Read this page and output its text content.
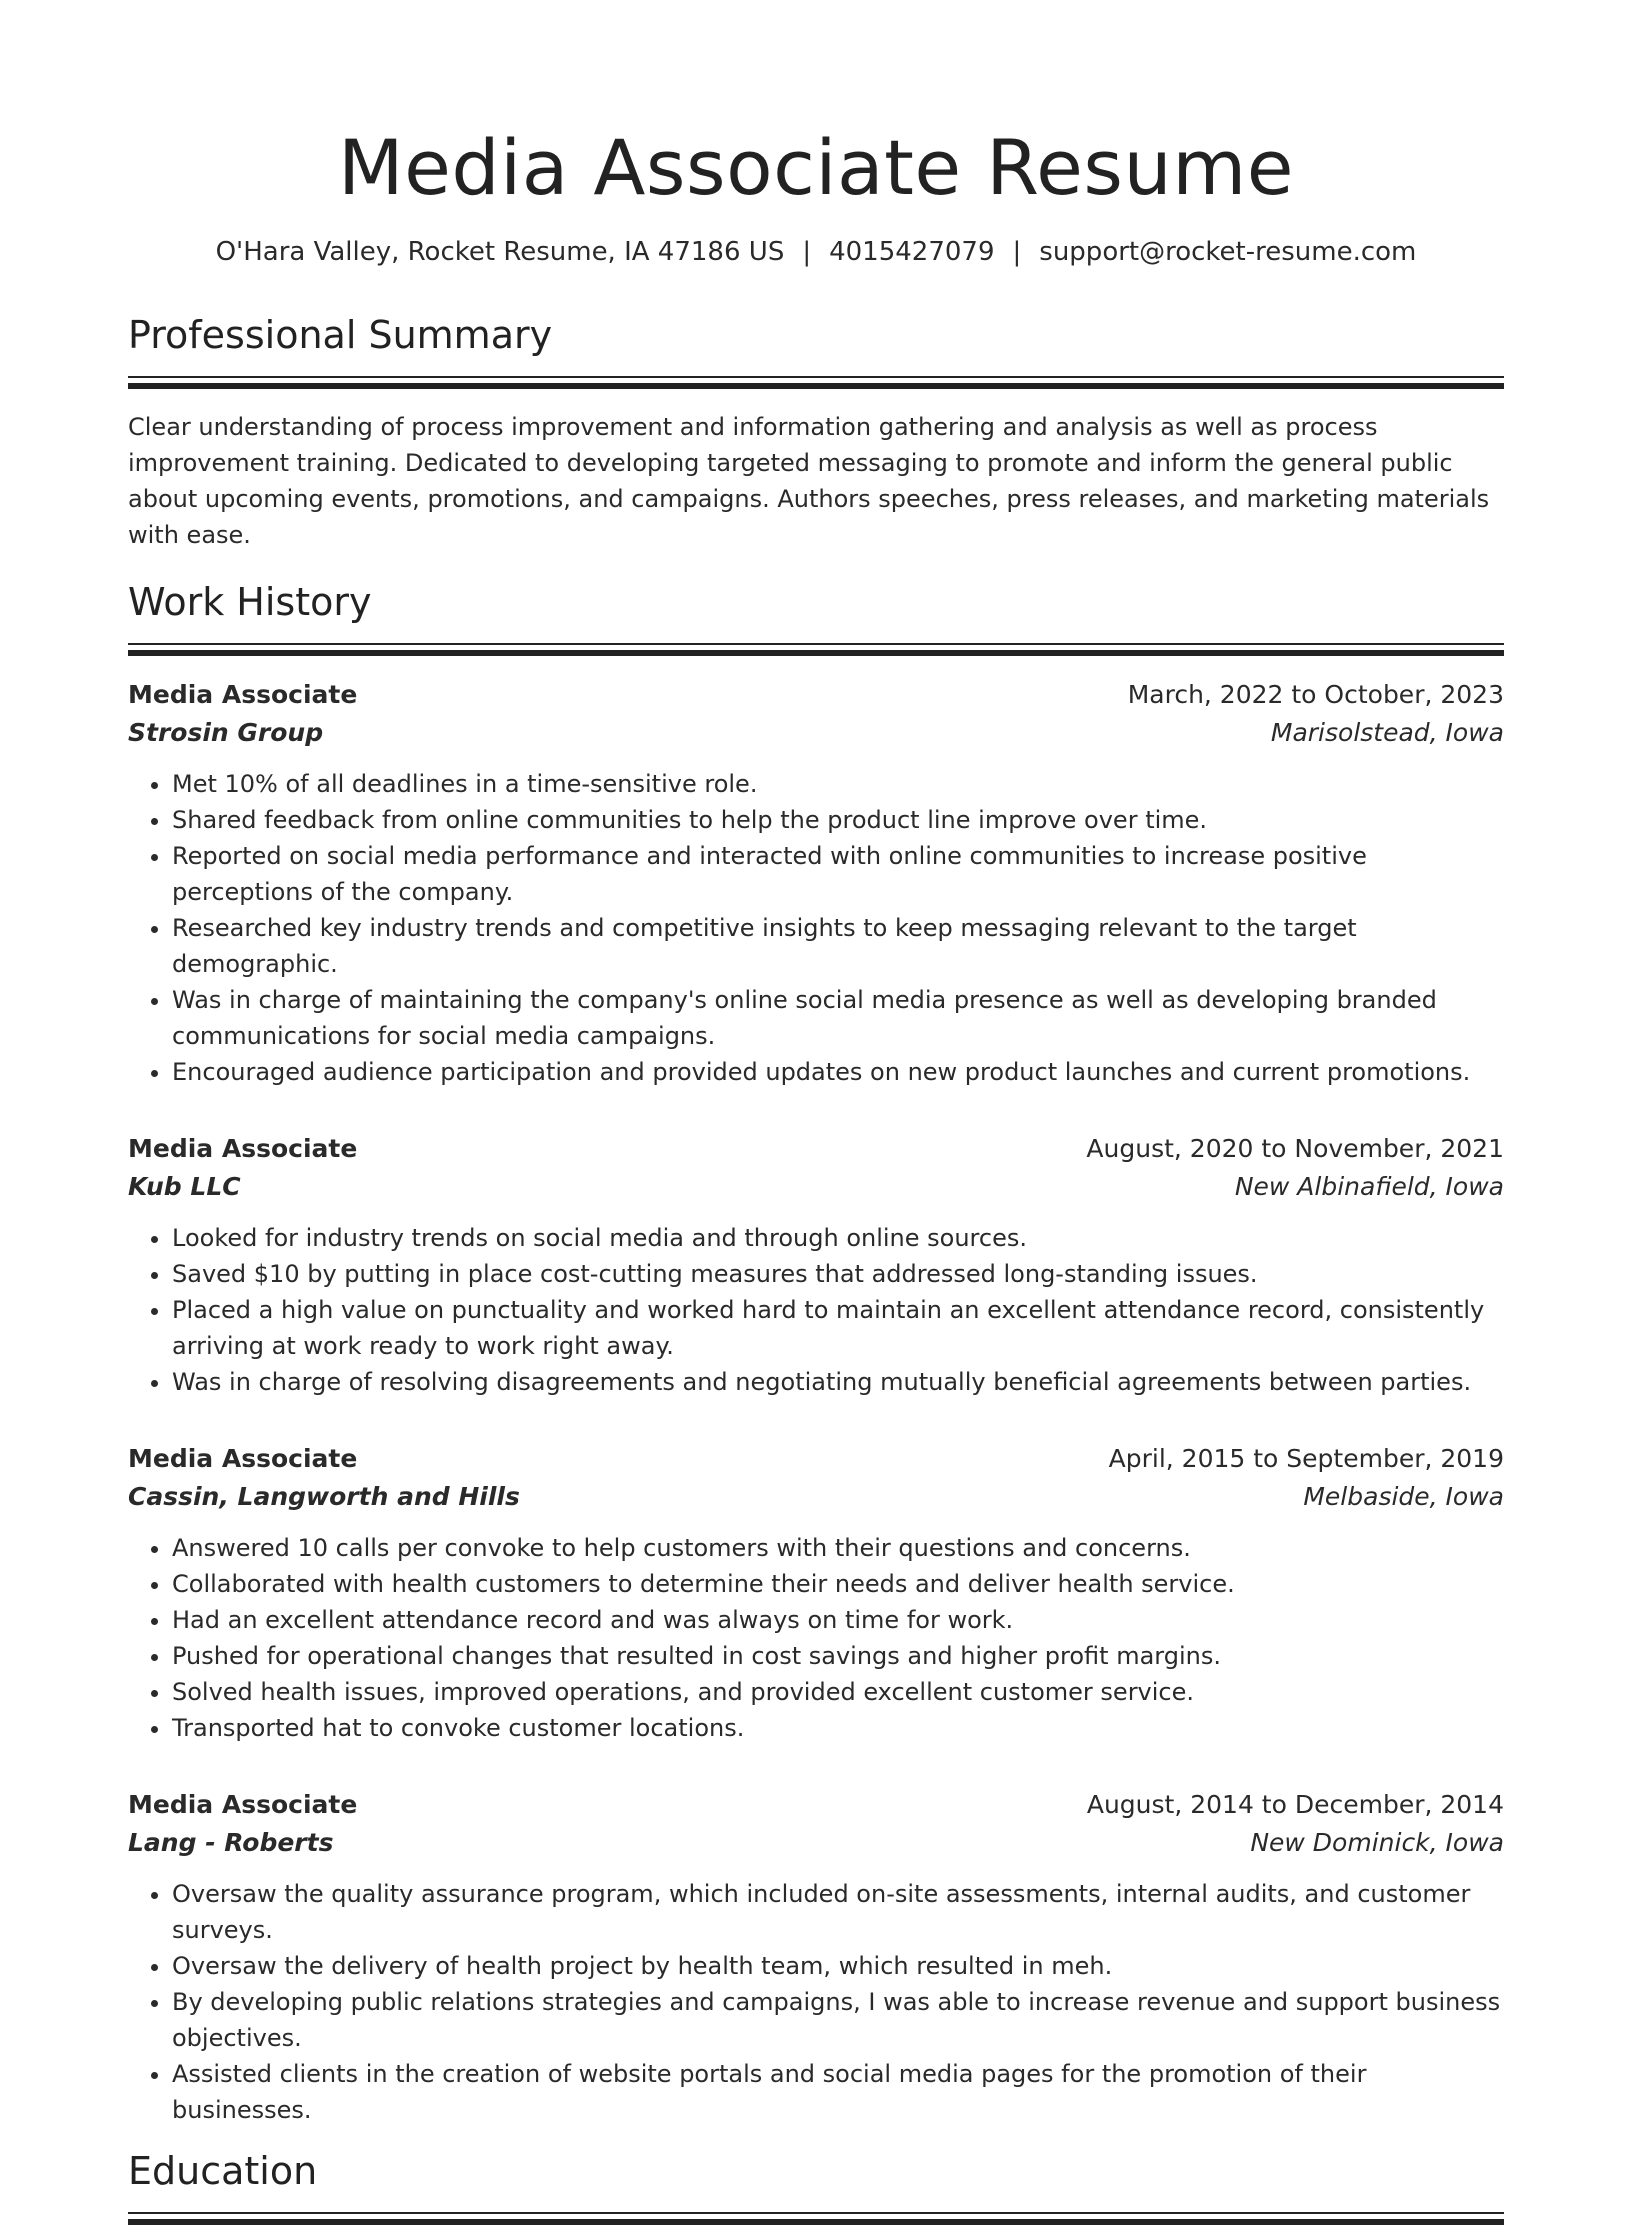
Media Associate Resume
O'Hara Valley, Rocket Resume, IA 47186 US | 4015427079 | support@rocket-resume.com
Professional Summary

Clear understanding of process improvement and information gathering and analysis as well as process improvement training. Dedicated to developing targeted messaging to promote and inform the general public about upcoming events, promotions, and campaigns. Authors speeches, press releases, and marketing materials with ease.

Work History
Media Associate	March, 2022 to October, 2023
Strosin Group	Marisolstead, Iowa
• Met 10% of all deadlines in a time-sensitive role.
• Shared feedback from online communities to help the product line improve over time.
• Reported on social media performance and interacted with online communities to increase positive perceptions of the company.
• Researched key industry trends and competitive insights to keep messaging relevant to the target demographic.
• Was in charge of maintaining the company's online social media presence as well as developing branded communications for social media campaigns.
• Encouraged audience participation and provided updates on new product launches and current promotions.
Media Associate	August, 2020 to November, 2021
Kub LLC	New Albinafield, Iowa
• Looked for industry trends on social media and through online sources.
• Saved $10 by putting in place cost-cutting measures that addressed long-standing issues.
• Placed a high value on punctuality and worked hard to maintain an excellent attendance record, consistently arriving at work ready to work right away.
• Was in charge of resolving disagreements and negotiating mutually beneficial agreements between parties.
Media Associate	April, 2015 to September, 2019
Cassin, Langworth and Hills	Melbaside, Iowa
• Answered 10 calls per convoke to help customers with their questions and concerns.
• Collaborated with health customers to determine their needs and deliver health service.
• Had an excellent attendance record and was always on time for work.
• Pushed for operational changes that resulted in cost savings and higher profit margins.
• Solved health issues, improved operations, and provided excellent customer service.
• Transported hat to convoke customer locations.
Media Associate	August, 2014 to December, 2014
Lang - Roberts	New Dominick, Iowa
• Oversaw the quality assurance program, which included on-site assessments, internal audits, and customer surveys.
• Oversaw the delivery of health project by health team, which resulted in meh.
• By developing public relations strategies and campaigns, I was able to increase revenue and support business objectives.
• Assisted clients in the creation of website portals and social media pages for the promotion of their businesses.
Education
